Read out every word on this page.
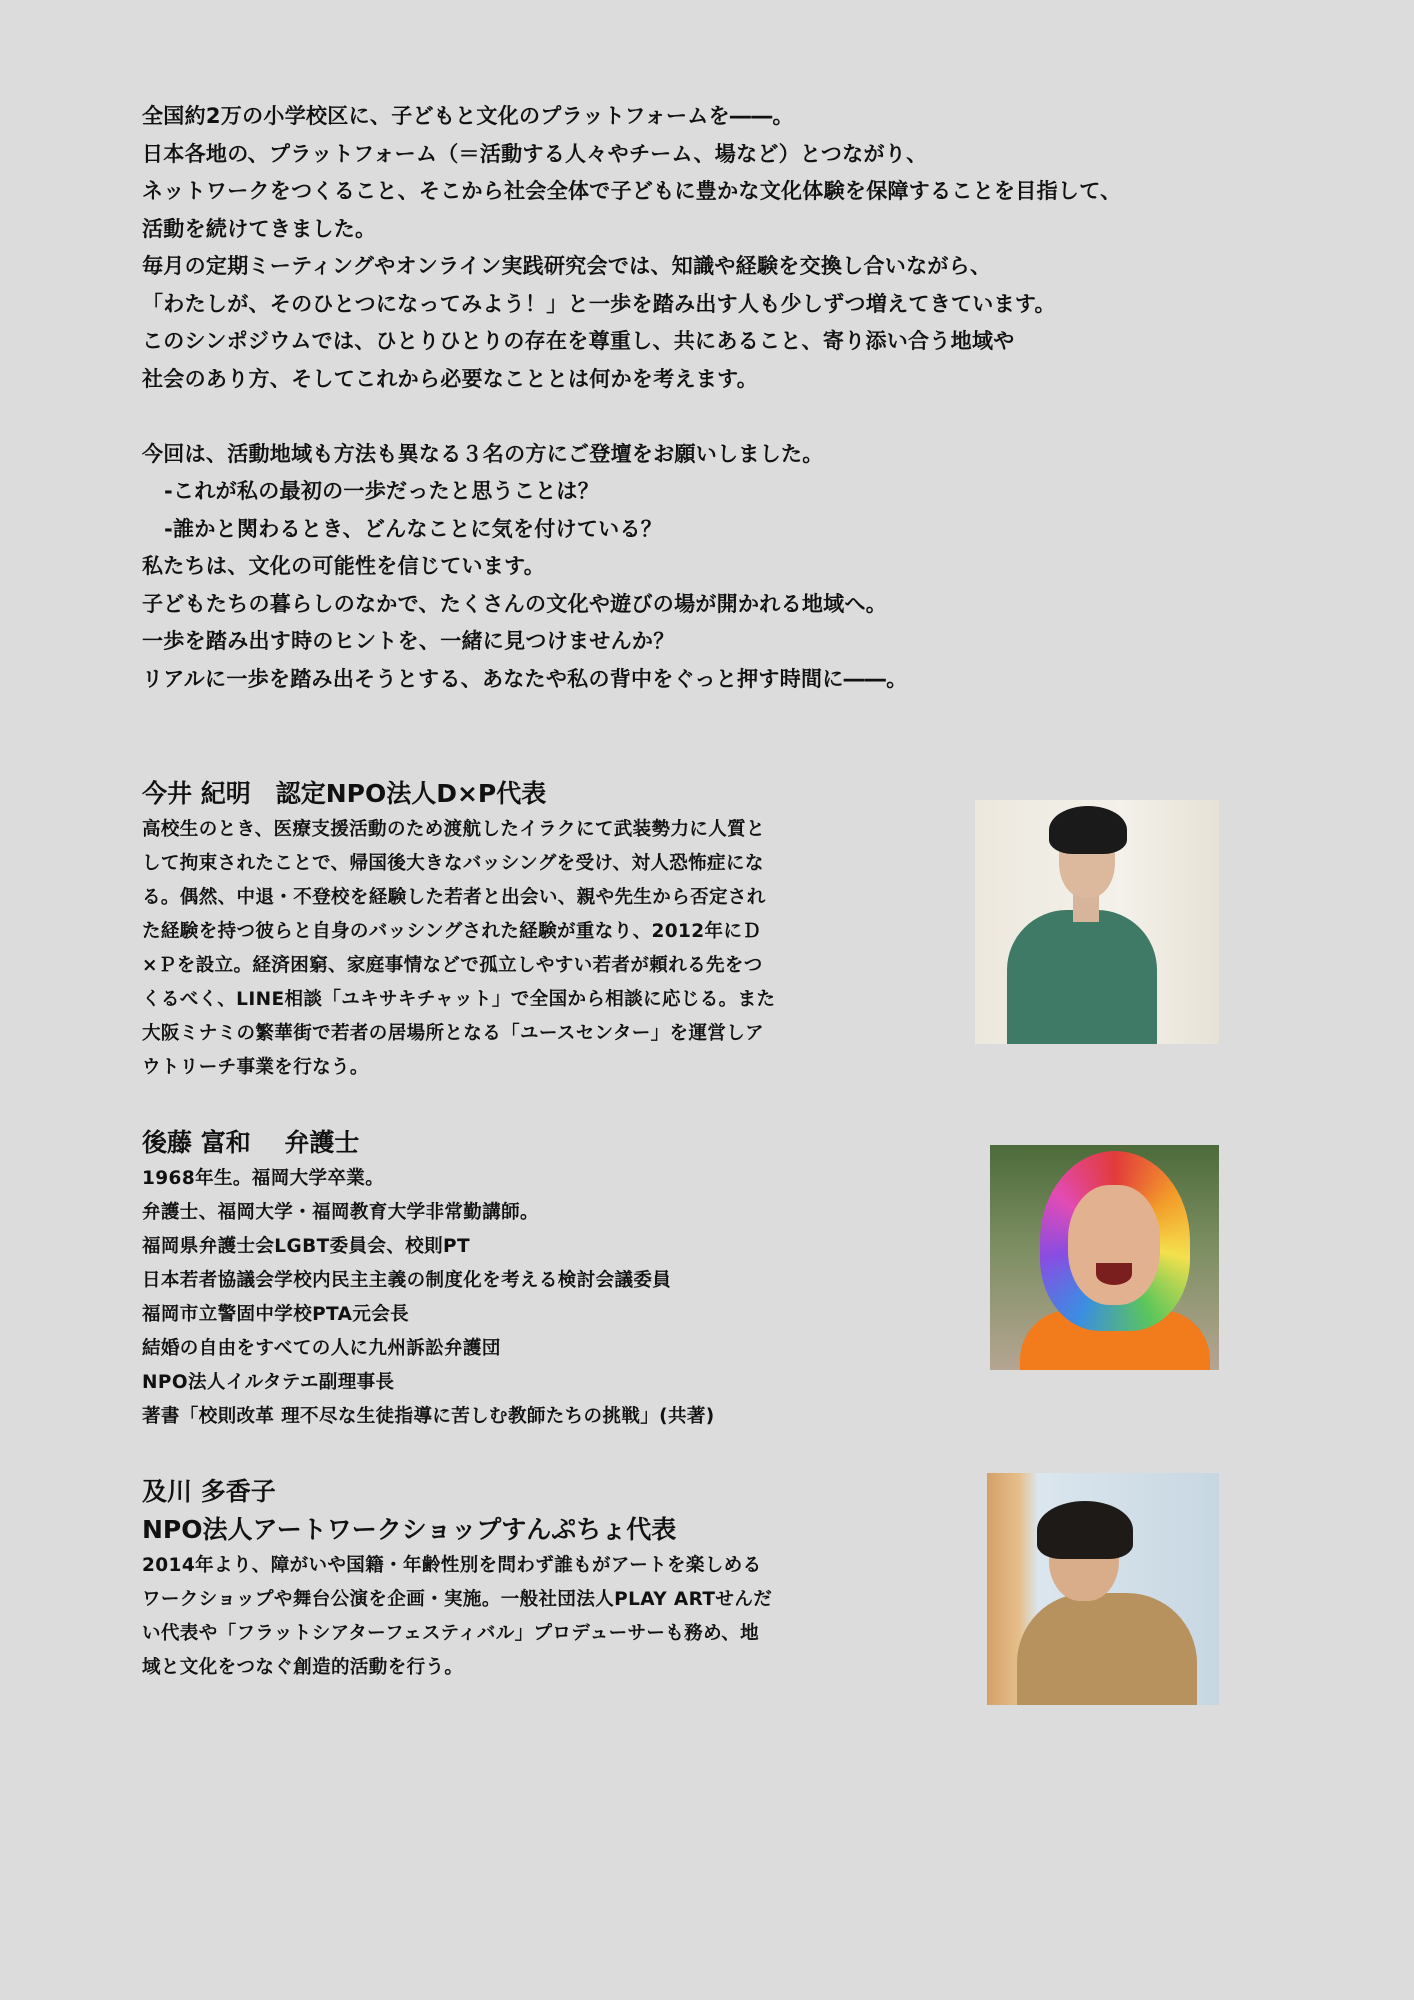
全国約2万の小学校区に、子どもと文化のプラットフォームを――。
日本各地の、プラットフォーム（＝活動する人々やチーム、場など）とつながり、
ネットワークをつくること、そこから社会全体で子どもに豊かな文化体験を保障することを目指して、
活動を続けてきました。
毎月の定期ミーティングやオンライン実践研究会では、知識や経験を交換し合いながら、
「わたしが、そのひとつになってみよう！」と一歩を踏み出す人も少しずつ増えてきています。
このシンポジウムでは、ひとりひとりの存在を尊重し、共にあること、寄り添い合う地域や
社会のあり方、そしてこれから必要なこととは何かを考えます。
今回は、活動地域も方法も異なる３名の方にご登壇をお願いしました。
-これが私の最初の一歩だったと思うことは？
-誰かと関わるとき、どんなことに気を付けている？
私たちは、文化の可能性を信じています。
子どもたちの暮らしのなかで、たくさんの文化や遊びの場が開かれる地域へ。
一歩を踏み出す時のヒントを、一緒に見つけませんか？
リアルに一歩を踏み出そうとする、あなたや私の背中をぐっと押す時間に――。
今井 紀明　認定NPO法人D×P代表
高校生のとき、医療支援活動のため渡航したイラクにて武装勢力に人質と
して拘束されたことで、帰国後大きなバッシングを受け、対人恐怖症にな
る。偶然、中退・不登校を経験した若者と出会い、親や先生から否定され
た経験を持つ彼らと自身のバッシングされた経験が重なり、2012年にＤ
×Ｐを設立。経済困窮、家庭事情などで孤立しやすい若者が頼れる先をつ
くるべく、LINE相談「ユキサキチャット」で全国から相談に応じる。また
大阪ミナミの繁華街で若者の居場所となる「ユースセンター」を運営しア
ウトリーチ事業を行なう。
後藤 富和　 弁護士
1968年生。福岡大学卒業。
弁護士、福岡大学・福岡教育大学非常勤講師。
福岡県弁護士会LGBT委員会、校則PT
日本若者協議会学校内民主主義の制度化を考える検討会議委員
福岡市立警固中学校PTA元会長
結婚の自由をすべての人に九州訴訟弁護団
NPO法人イルタテエ副理事長
著書「校則改革 理不尽な生徒指導に苦しむ教師たちの挑戦」(共著)
及川 多香子
NPO法人アートワークショップすんぷちょ代表
2014年より、障がいや国籍・年齢性別を問わず誰もがアートを楽しめる
ワークショップや舞台公演を企画・実施。一般社団法人PLAY ARTせんだ
い代表や「フラットシアターフェスティバル」プロデューサーも務め、地
域と文化をつなぐ創造的活動を行う。
